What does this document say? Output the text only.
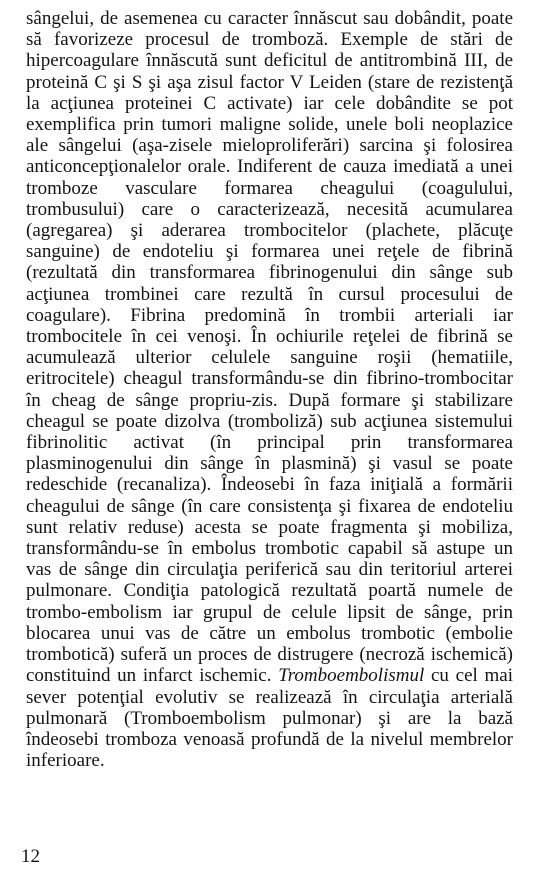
sângelui, de asemenea cu caracter înnăscut sau dobândit, poate să favorizeze procesul de tromboză. Exemple de stări de hipercoagulare înnăscută sunt deficitul de antitrombină III, de proteină C şi S şi aşa zisul factor V Leiden (stare de rezistenţă la acţiunea proteinei C activate) iar cele dobândite se pot exemplifica prin tumori maligne solide, unele boli neoplazice ale sângelui (aşa-zisele mieloproliferări) sarcina şi folosirea anticoncepţionalelor orale. Indiferent de cauza imediată a unei tromboze vasculare formarea cheagului (coagulului, trombusului) care o caracterizează, necesită acumularea (agregarea) şi aderarea trombocitelor (plachete, plăcuţe sanguine) de endoteliu şi formarea unei reţele de fibrină (rezultată din transformarea fibrinogenului din sânge sub acţiunea trombinei care rezultă în cursul procesului de coagulare). Fibrina predomină în trombii arteriali iar trombocitele în cei venoşi. În ochiurile reţelei de fibrină se acumulează ulterior celulele sanguine roşii (hematiile, eritrocitele) cheagul transformându-se din fibrino-trombocitar în cheag de sânge propriu-zis. După formare şi stabilizare cheagul se poate dizolva (tromboliză) sub acţiunea sistemului fibrinolitic activat (în principal prin transformarea plasminogenului din sânge în plasmină) şi vasul se poate redeschide (recanaliza). Îndeosebi în faza iniţială a formării cheagului de sânge (în care consistenţa şi fixarea de endoteliu sunt relativ reduse) acesta se poate fragmenta şi mobiliza, transformându-se în embolus trombotic capabil să astupe un vas de sânge din circulaţia periferică sau din teritoriul arterei pulmonare. Condiţia patologică rezultată poartă numele de trombo-embolism iar grupul de celule lipsit de sânge, prin blocarea unui vas de către un embolus trombotic (embolie trombotică) suferă un proces de distrugere (necroză ischemică) constituind un infarct ischemic. Tromboembolismul cu cel mai sever potenţial evolutiv se realizează în circulaţia arterială pulmonară (Tromboembolism pulmonar) şi are la bază îndeosebi tromboza venoasă profundă de la nivelul membrelor inferioare.

12
